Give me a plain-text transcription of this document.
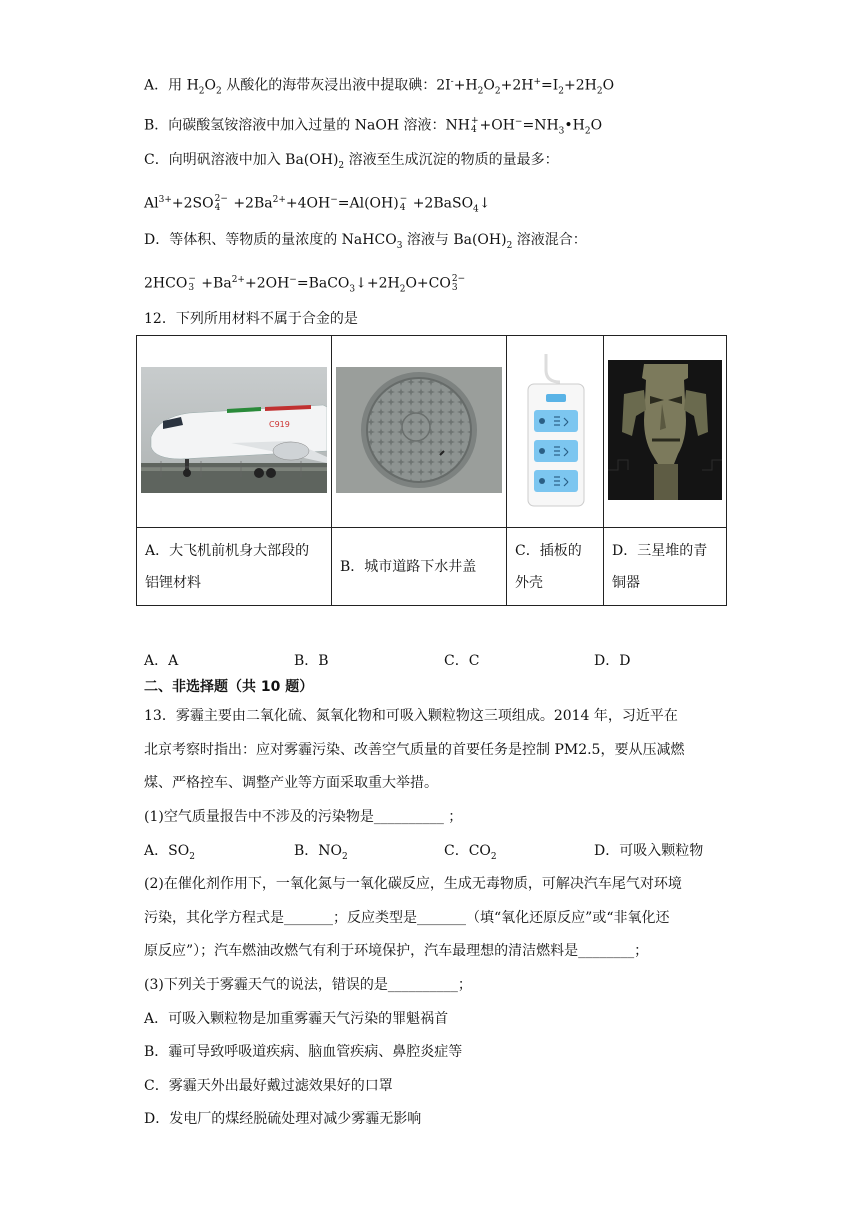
A．用 $H_2O_2$ 从酸化的海带灰浸出液中提取碘：$2I^-+H_2O_2+2H^+=I_2+2H_2O$
B．向碳酸氢铵溶液中加入过量的 NaOH 溶液：NH +
$4 +OH^-=NH_3•H_2O$
C．向明矾溶液中加入 $Ba(OH)_2$ 溶液至生成沉淀的物质的量最多：
$Al^{3+}+2SO$ 2−
$4 +2Ba^{2+}+4OH^-=Al(OH)$ −
4 +2BaSO$_4$↓
D．等体积、等物质的量浓度的 NaHCO$_3$ 溶液与 $Ba(OH)_2$ 溶液混合：
2HCO −
$3 +Ba^{2+}+2OH^-=BaCO_3↓+2H_2O+CO$ 2−
3
12．下列所用材料不属于合金的是
C919

A．大飞机前机身大部段的铝锂材料	B．城市道路下水井盖	C．插板的外壳	D．三星堆的青铜器
A．A	B．B	C．C	D．D
二、非选择题（共 10 题）
13．雾霾主要由二氧化硫、氮氧化物和可吸入颗粒物这三项组成。2014 年，习近平在
北京考察时指出：应对雾霾污染、改善空气质量的首要任务是控制 PM2.5，要从压减燃
煤、严格控车、调整产业等方面采取重大举措。
(1)空气质量报告中不涉及的污染物是__________ ；
A．$SO_2$	B．$NO_2$	C．$CO_2$	D．可吸入颗粒物
(2)在催化剂作用下，一氧化氮与一氧化碳反应，生成无毒物质，可解决汽车尾气对环境
污染，其化学方程式是_______；反应类型是_______（填“氧化还原反应”或“非氧化还
原反应”）；汽车燃油改燃气有利于环境保护，汽车最理想的清洁燃料是________；
(3)下列关于雾霾天气的说法，错误的是__________；
A．可吸入颗粒物是加重雾霾天气污染的罪魁祸首
B．霾可导致呼吸道疾病、脑血管疾病、鼻腔炎症等
C．雾霾天外出最好戴过滤效果好的口罩
D．发电厂的煤经脱硫处理对减少雾霾无影响
